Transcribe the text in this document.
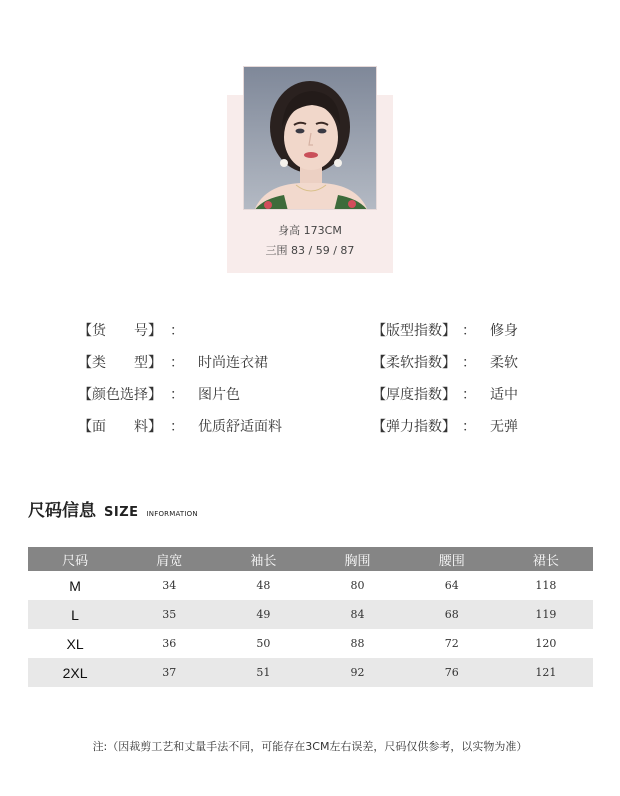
身高 173CM
三围 83 / 59 / 87
【货　　号】 ：
【类　　型】 ： 时尚连衣裙
【颜色选择】 ： 图片色
【面　　料】 ： 优质舒适面料
【版型指数】 ： 修身
【柔软指数】 ： 柔软
【厚度指数】 ： 适中
【弹力指数】 ： 无弹
尺码信息 SIZE INFORMATION
尺码	肩宽	袖长	胸围	腰围	裙长
M	34	48	80	64	118
L	35	49	84	68	119
XL	36	50	88	72	120
2XL	37	51	92	76	121
注:（因裁剪工艺和丈量手法不同，可能存在3CM左右误差，尺码仅供参考，以实物为准）
